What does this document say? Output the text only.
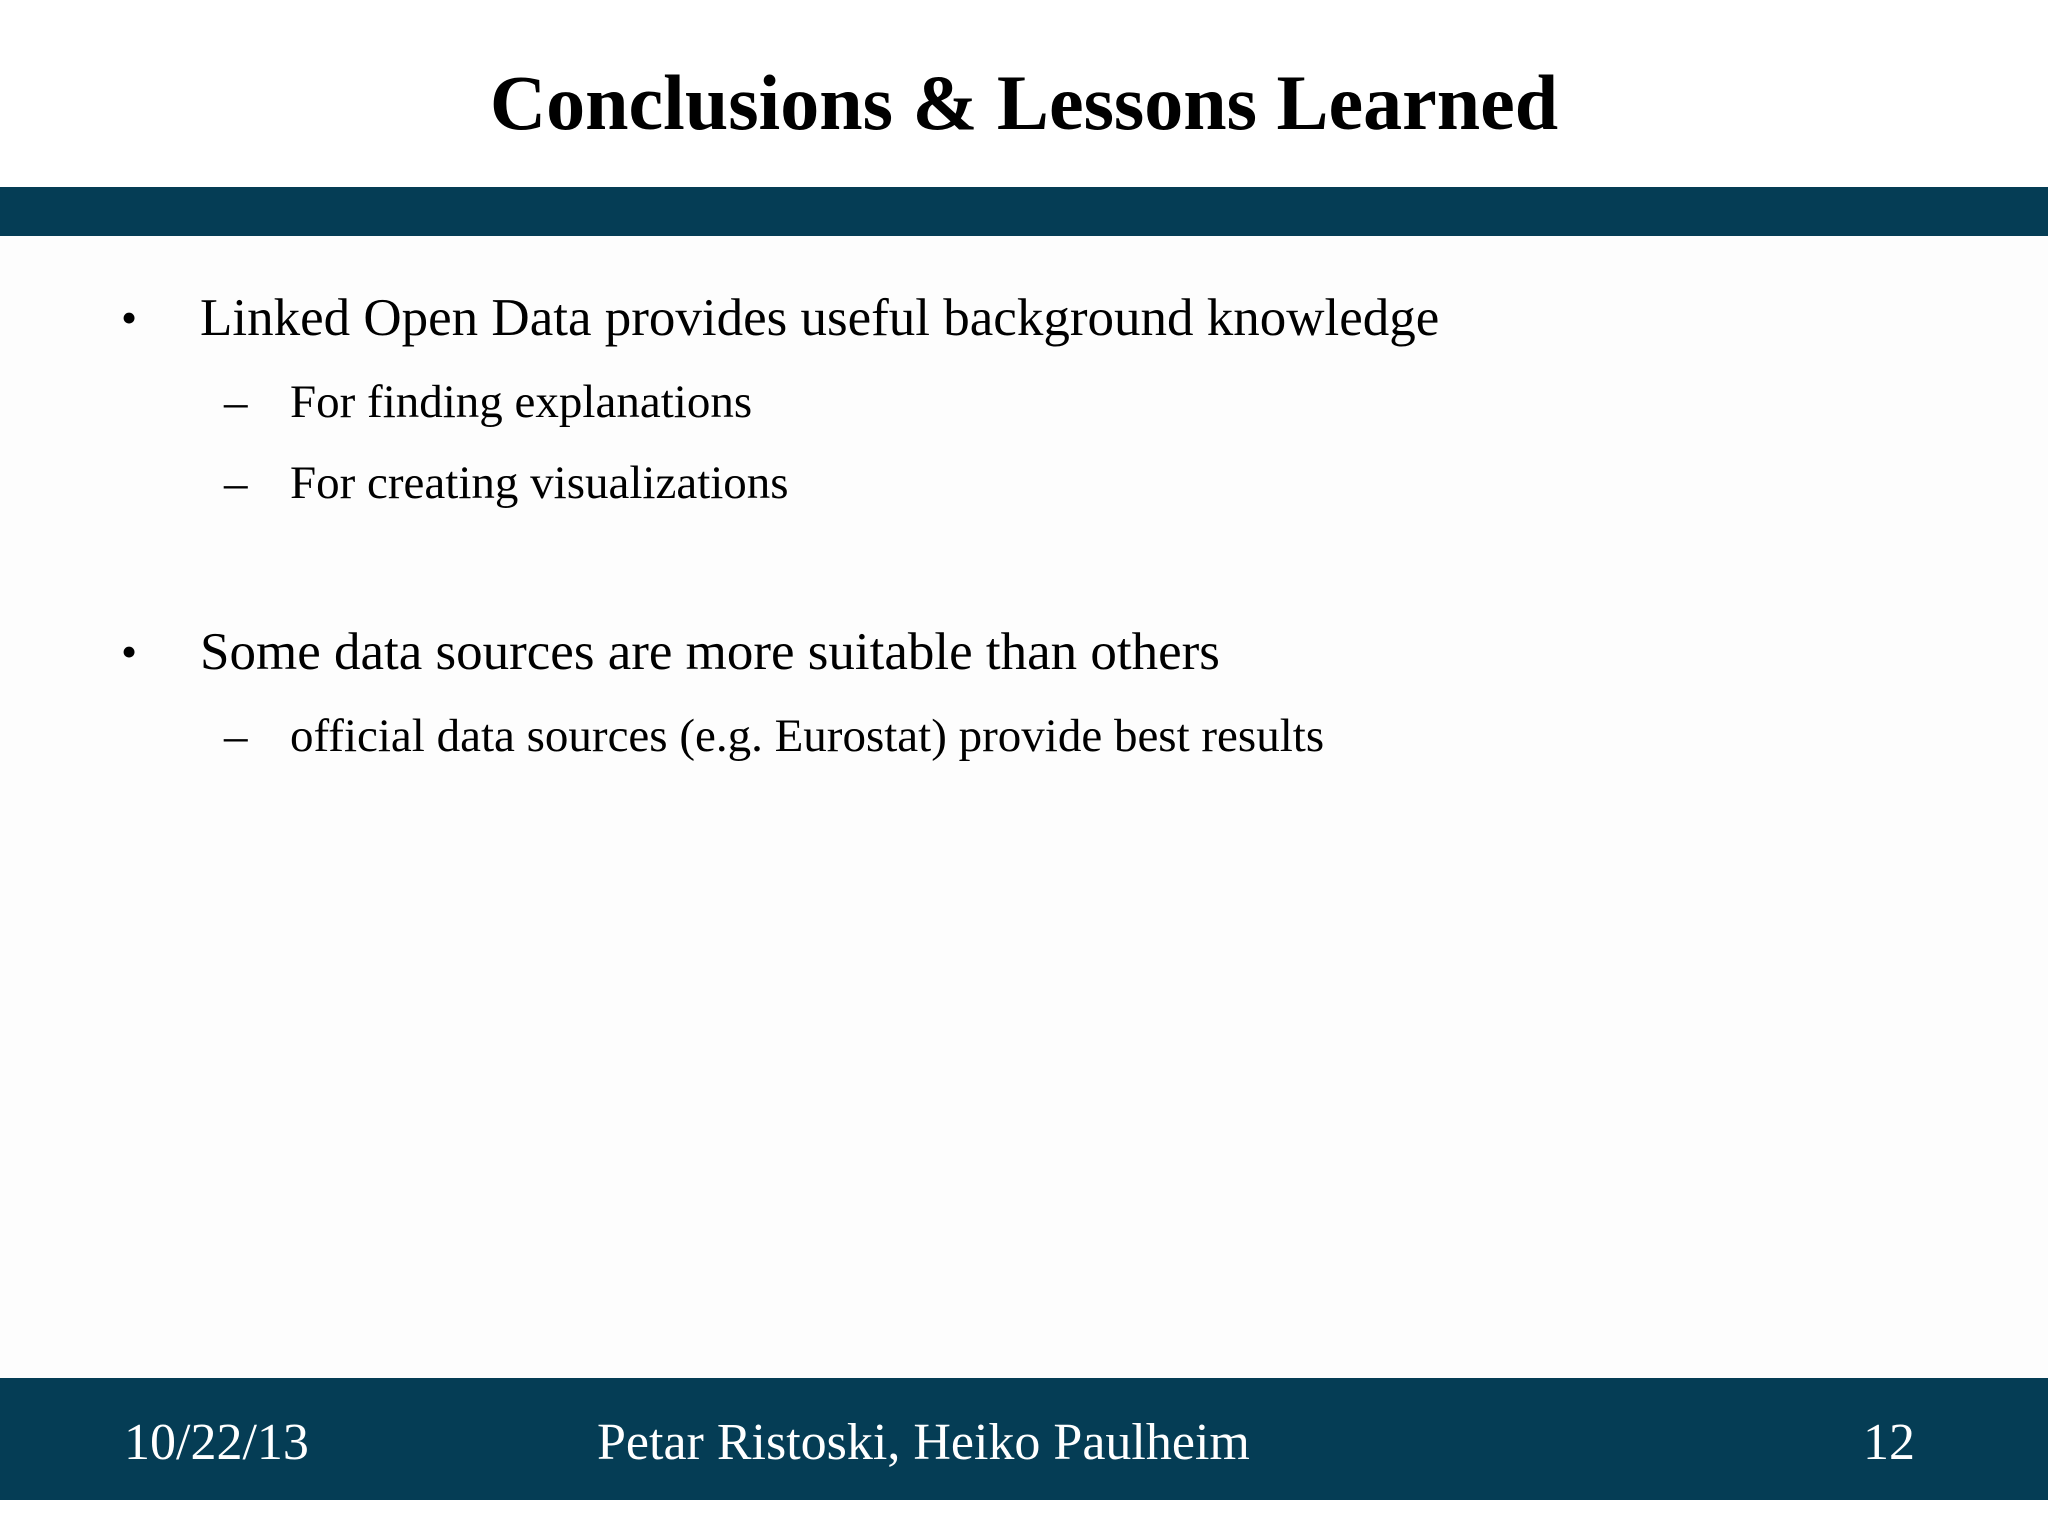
Conclusions & Lessons Learned
• Linked Open Data provides useful background knowledge
– For finding explanations
– For creating visualizations
• Some data sources are more suitable than others
– official data sources (e.g. Eurostat) provide best results
10/22/13	Petar Ristoski, Heiko Paulheim	12
